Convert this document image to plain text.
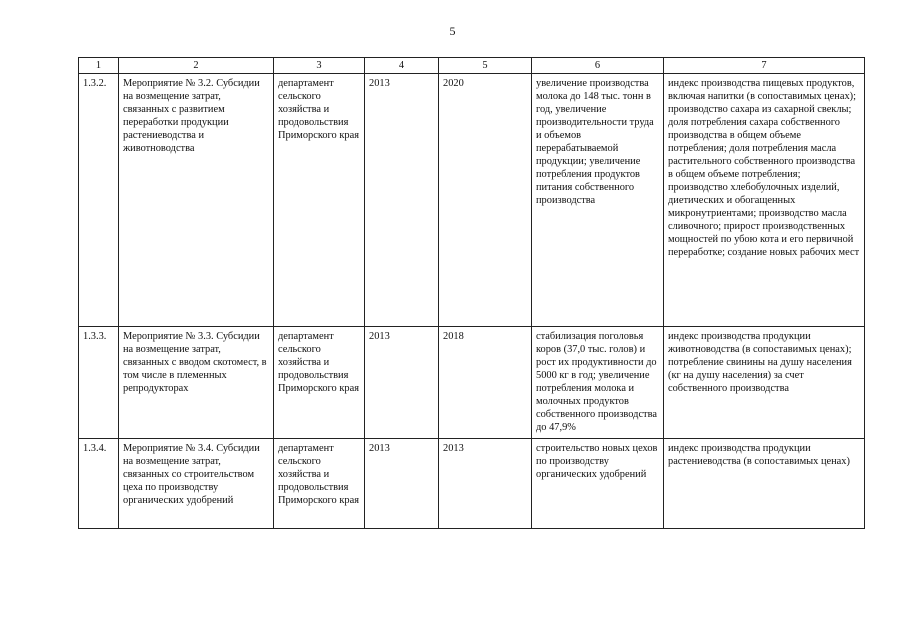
5
1	2	3	4	5	6	7
1.3.2.	Мероприятие № 3.2. Субсидии на возмещение затрат, связанных с развитием переработки продукции растениеводства и животноводства	департамент сельского хозяйства и продовольствия Приморского края	2013	2020	увеличение производства молока до 148 тыс. тонн в год, увеличение производительности труда и объемов перерабатываемой продукции; увеличение потребления продуктов питания собственного производства	индекс производства пищевых продуктов, включая напитки (в сопоставимых ценах); производство сахара из сахарной свеклы; доля потребления сахара собственного производства в общем объеме потребления; доля потребления масла растительного собственного производства в общем объеме потребления; производство хлебобулочных изделий, диетических и обогащенных микронутриентами; производство масла сливочного; прирост производственных мощностей по убою кота и его первичной переработке; создание новых рабочих мест
1.3.3.	Мероприятие № 3.3. Субсидии на возмещение затрат, связанных с вводом скотомест, в том числе в племенных репродукторах	департамент сельского хозяйства и продовольствия Приморского края	2013	2018	стабилизация поголовья коров (37,0 тыс. голов) и рост их продуктивности до 5000 кг в год; увеличение потребления молока и молочных продуктов собственного производства до 47,9%	индекс производства продукции животноводства (в сопоставимых ценах); потребление свинины на душу населения (кг на душу населения) за счет собственного производства
1.3.4.	Мероприятие № 3.4. Субсидии на возмещение затрат, связанных со строительством цеха по производству органических удобрений	департамент сельского хозяйства и продовольствия Приморского края	2013	2013	строительство новых цехов по производству органических удобрений	индекс производства продукции растениеводства (в сопоставимых ценах)
